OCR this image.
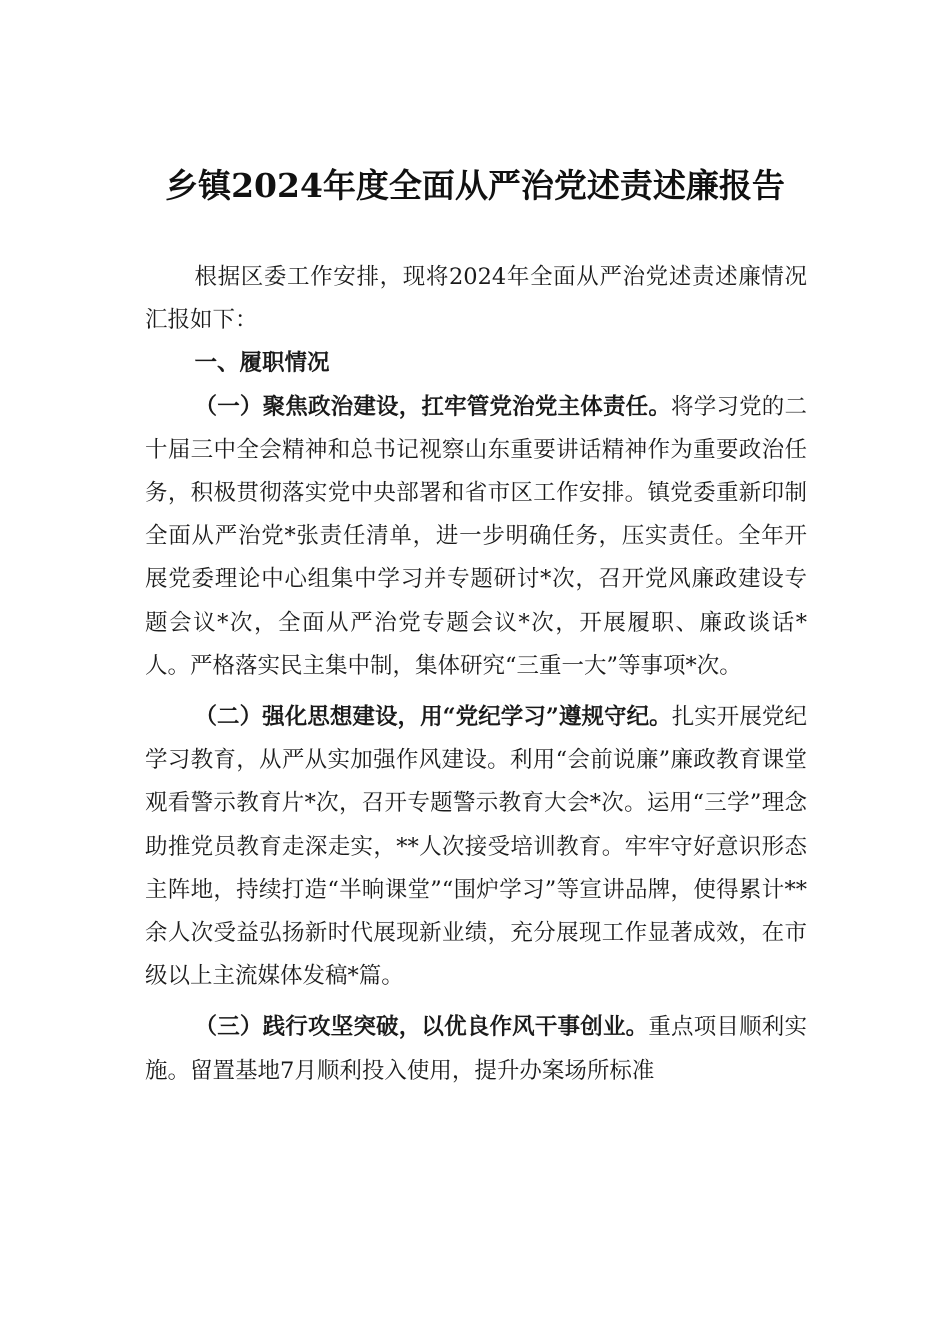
乡镇2024年度全面从严治党述责述廉报告

根据区委工作安排，现将2024年全面从严治党述责述廉情况汇报如下：

一、履职情况

（一）聚焦政治建设，扛牢管党治党主体责任。将学习党的二十届三中全会精神和总书记视察山东重要讲话精神作为重要政治任务，积极贯彻落实党中央部署和省市区工作安排。镇党委重新印制全面从严治党*张责任清单，进一步明确任务，压实责任。全年开展党委理论中心组集中学习并专题研讨*次，召开党风廉政建设专题会议*次，全面从严治党专题会议*次，开展履职、廉政谈话*人。严格落实民主集中制，集体研究“三重一大”等事项*次。

（二）强化思想建设，用“党纪学习”遵规守纪。扎实开展党纪学习教育，从严从实加强作风建设。利用“会前说廉”廉政教育课堂观看警示教育片*次，召开专题警示教育大会*次。运用“三学”理念助推党员教育走深走实，**人次接受培训教育。牢牢守好意识形态主阵地，持续打造“半晌课堂”“围炉学习”等宣讲品牌，使得累计**余人次受益弘扬新时代展现新业绩，充分展现工作显著成效，在市级以上主流媒体发稿*篇。

（三）践行攻坚突破，以优良作风干事创业。重点项目顺利实施。留置基地7月顺利投入使用，提升办案场所标准
